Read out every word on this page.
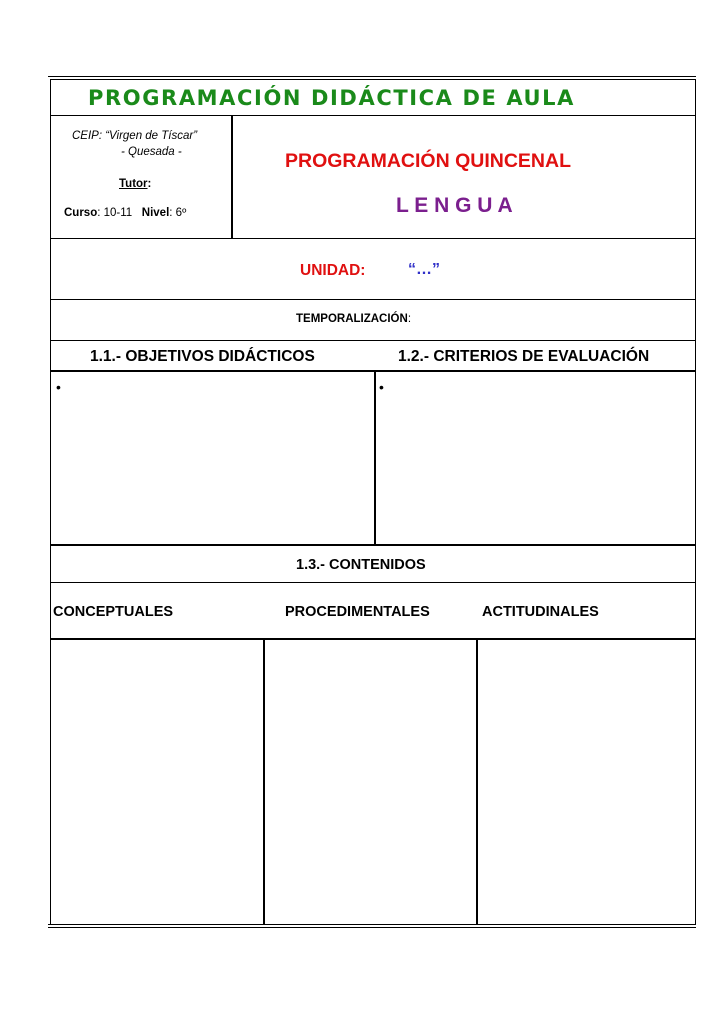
PROGRAMACIÓN DIDÁCTICA DE AULA
CEIP: “Virgen de Tíscar”
- Quesada -
Tutor:
Curso: 10-11 Nivel: 6º
PROGRAMACIÓN QUINCENAL
L E N G U A
UNIDAD:	“…”
TEMPORALIZACIÓN:
1.1.- OBJETIVOS DIDÁCTICOS	1.2.- CRITERIOS DE EVALUACIÓN
•	•
1.3.- CONTENIDOS
CONCEPTUALES	PROCEDIMENTALES	ACTITUDINALES
